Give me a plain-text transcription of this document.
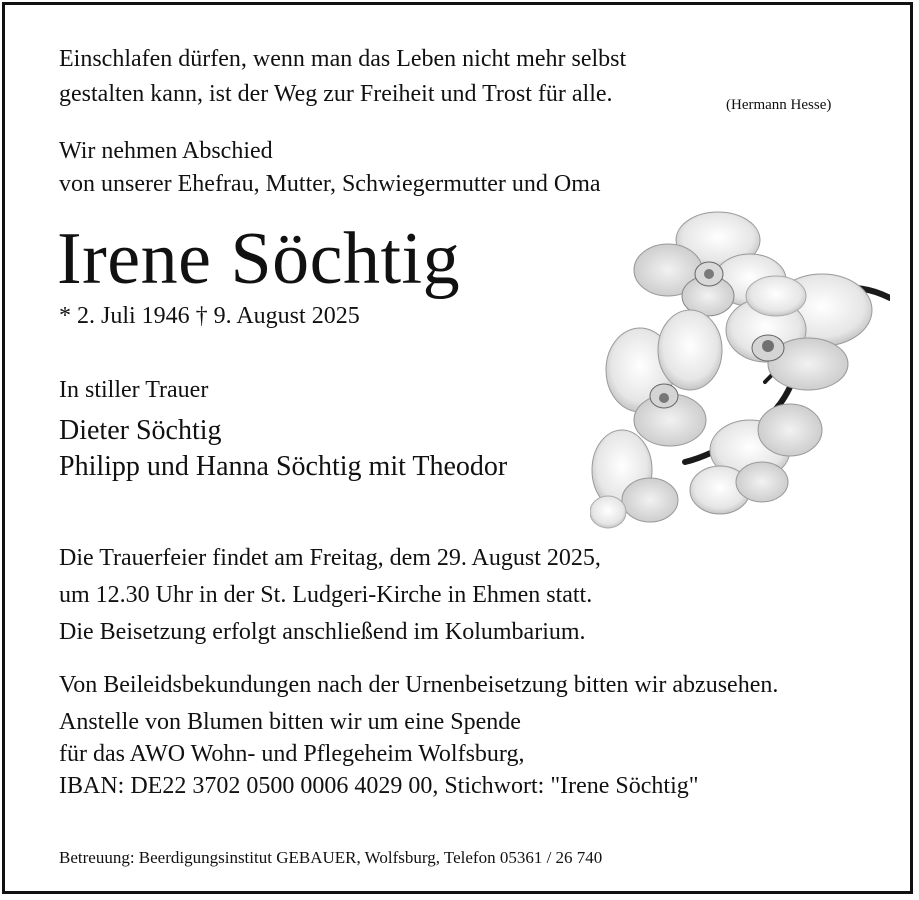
Einschlafen dürfen, wenn man das Leben nicht mehr selbst
gestalten kann, ist der Weg zur Freiheit und Trost für alle.	(Hermann Hesse)
Wir nehmen Abschied
von unserer Ehefrau, Mutter, Schwiegermutter und Oma
Irene Söchtig
* 2. Juli 1946 † 9. August 2025
In stiller Trauer
Dieter Söchtig
Philipp und Hanna Söchtig mit Theodor
Die Trauerfeier findet am Freitag, dem 29. August 2025,
um 12.30 Uhr in der St. Ludgeri-Kirche in Ehmen statt.
Die Beisetzung erfolgt anschließend im Kolumbarium.
Von Beileidsbekundungen nach der Urnenbeisetzung bitten wir abzusehen.
Anstelle von Blumen bitten wir um eine Spende
für das AWO Wohn- und Pflegeheim Wolfsburg,
IBAN: DE22 3702 0500 0006 4029 00, Stichwort: "Irene Söchtig"
Betreuung: Beerdigungsinstitut GEBAUER, Wolfsburg, Telefon 05361 / 26 740
